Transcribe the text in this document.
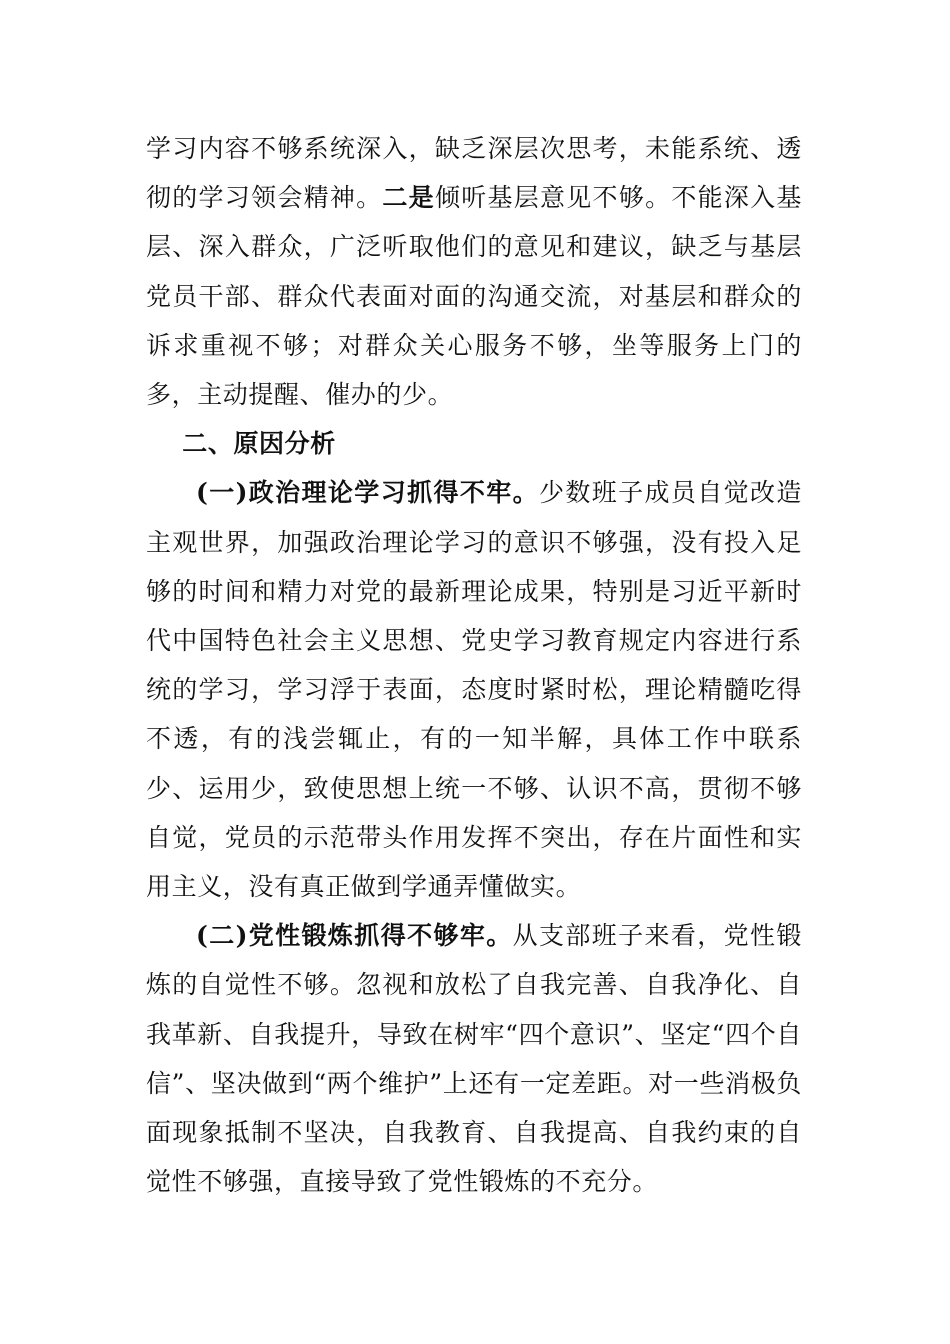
学习内容不够系统深入，缺乏深层次思考，未能系统、透彻的学习领会精神。二是倾听基层意见不够。不能深入基层、深入群众，广泛听取他们的意见和建议，缺乏与基层党员干部、群众代表面对面的沟通交流，对基层和群众的诉求重视不够；对群众关心服务不够，坐等服务上门的多，主动提醒、催办的少。

二、原因分析

(一)政治理论学习抓得不牢。少数班子成员自觉改造主观世界，加强政治理论学习的意识不够强，没有投入足够的时间和精力对党的最新理论成果，特别是习近平新时代中国特色社会主义思想、党史学习教育规定内容进行系统的学习，学习浮于表面，态度时紧时松，理论精髓吃得不透，有的浅尝辄止，有的一知半解，具体工作中联系少、运用少，致使思想上统一不够、认识不高，贯彻不够自觉，党员的示范带头作用发挥不突出，存在片面性和实用主义，没有真正做到学通弄懂做实。

(二)党性锻炼抓得不够牢。从支部班子来看，党性锻炼的自觉性不够。忽视和放松了自我完善、自我净化、自我革新、自我提升，导致在树牢“四个意识”、坚定“四个自信”、坚决做到“两个维护”上还有一定差距。对一些消极负面现象抵制不坚决，自我教育、自我提高、自我约束的自觉性不够强，直接导致了党性锻炼的不充分。
